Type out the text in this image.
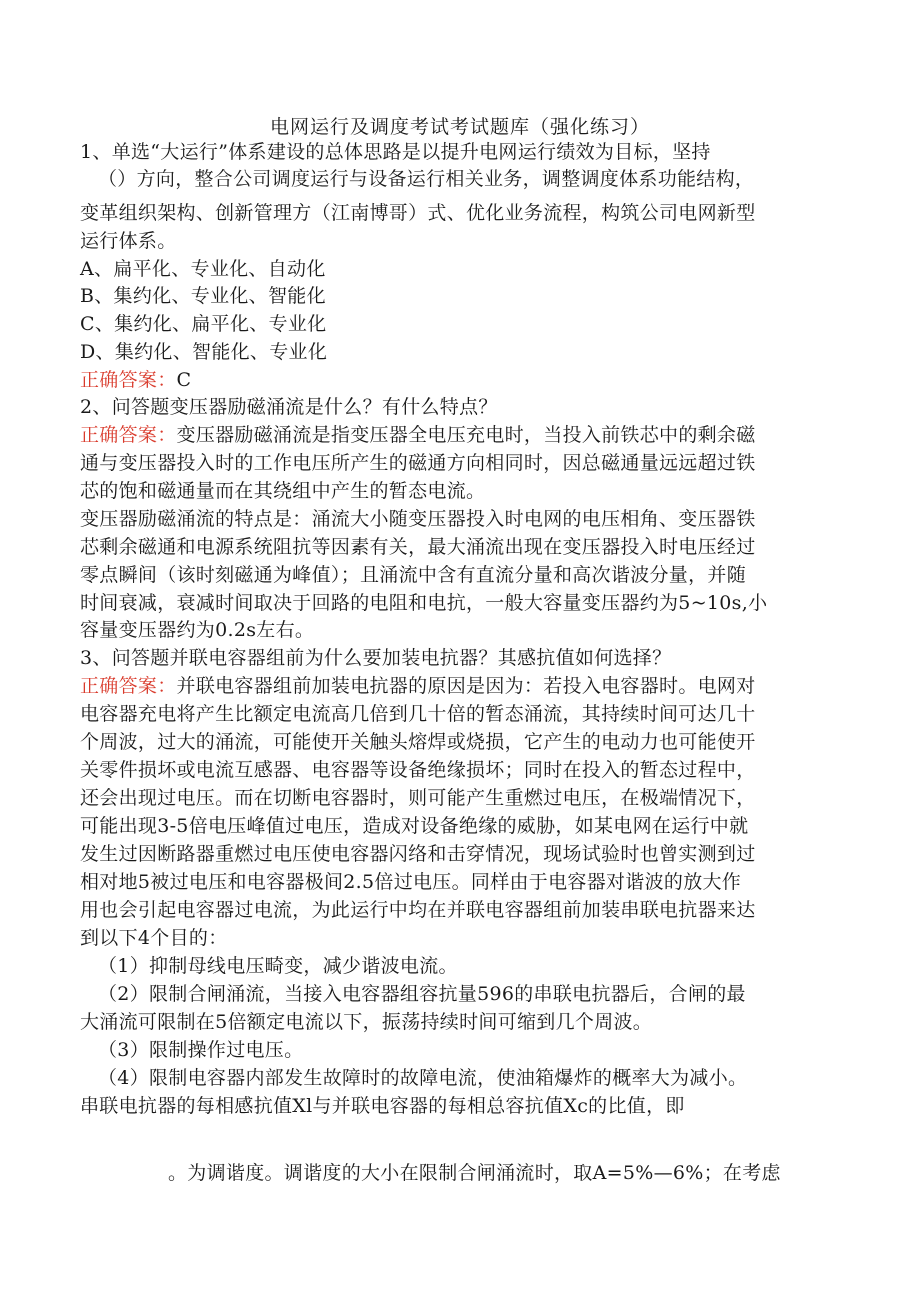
电网运行及调度考试考试题库（强化练习）
1、单选“大运行”体系建设的总体思路是以提升电网运行绩效为目标，坚持
（）方向，整合公司调度运行与设备运行相关业务，调整调度体系功能结构，
变革组织架构、创新管理方（江南博哥）式、优化业务流程，构筑公司电网新型
运行体系。
A、扁平化、专业化、自动化
B、集约化、专业化、智能化
C、集约化、扁平化、专业化
D、集约化、智能化、专业化
正确答案：C
2、问答题变压器励磁涌流是什么？有什么特点？
正确答案：变压器励磁涌流是指变压器全电压充电时，当投入前铁芯中的剩余磁
通与变压器投入时的工作电压所产生的磁通方向相同时，因总磁通量远远超过铁
芯的饱和磁通量而在其绕组中产生的暂态电流。
变压器励磁涌流的特点是：涌流大小随变压器投入时电网的电压相角、变压器铁
芯剩余磁通和电源系统阻抗等因素有关，最大涌流出现在变压器投入时电压经过
零点瞬间（该时刻磁通为峰值）；且涌流中含有直流分量和高次谐波分量，并随
时间衰减，衰减时间取决于回路的电阻和电抗，一般大容量变压器约为5~10s,小
容量变压器约为0.2s左右。
3、问答题并联电容器组前为什么要加装电抗器？其感抗值如何选择？
正确答案：并联电容器组前加装电抗器的原因是因为：若投入电容器时。电网对
电容器充电将产生比额定电流高几倍到几十倍的暂态涌流，其持续时间可达几十
个周波，过大的涌流，可能使开关触头熔焊或烧损，它产生的电动力也可能使开
关零件损坏或电流互感器、电容器等设备绝缘损坏；同时在投入的暂态过程中，
还会出现过电压。而在切断电容器时，则可能产生重燃过电压，在极端情况下，
可能出现3-5倍电压峰值过电压，造成对设备绝缘的威胁，如某电网在运行中就
发生过因断路器重燃过电压使电容器闪络和击穿情况，现场试验时也曾实测到过
相对地5被过电压和电容器极间2.5倍过电压。同样由于电容器对谐波的放大作
用也会引起电容器过电流，为此运行中均在并联电容器组前加装串联电抗器来达
到以下4个目的：
（1）抑制母线电压畸变，减少谐波电流。
（2）限制合闸涌流，当接入电容器组容抗量596的串联电抗器后，合闸的最
大涌流可限制在5倍额定电流以下，振荡持续时间可缩到几个周波。
（3）限制操作过电压。
（4）限制电容器内部发生故障时的故障电流，使油箱爆炸的概率大为减小。
串联电抗器的每相感抗值Xl与并联电容器的每相总容抗值Xc的比值，即
。为调谐度。调谐度的大小在限制合闸涌流时，取A=5%—6%；在考虑
